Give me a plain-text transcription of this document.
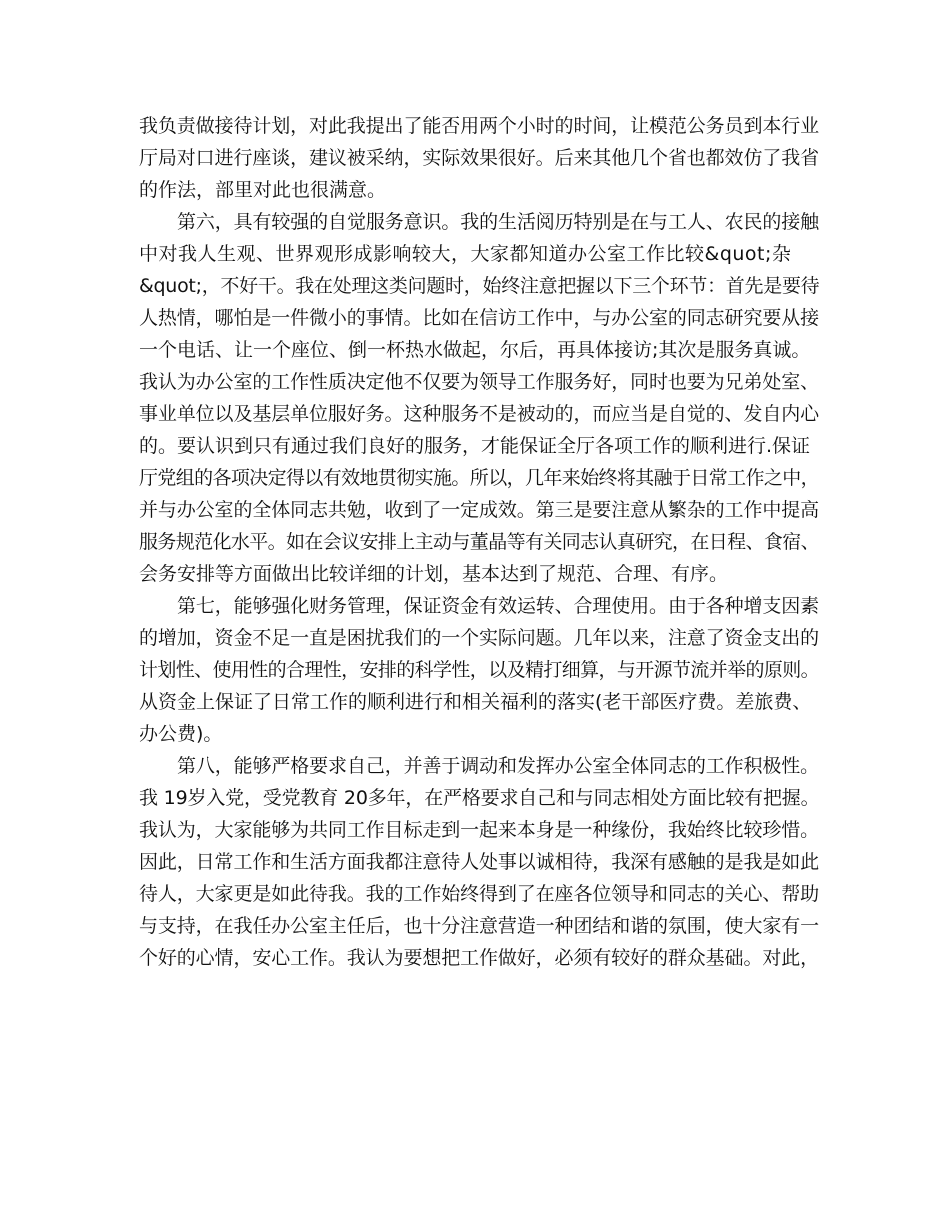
我负责做接待计划，对此我提出了能否用两个小时的时间，让模范公务员到本行业
厅局对口进行座谈，建议被采纳，实际效果很好。后来其他几个省也都效仿了我省
的作法，部里对此也很满意。
第六，具有较强的自觉服务意识。我的生活阅历特别是在与工人、农民的接触
中对我人生观、世界观形成影响较大，大家都知道办公室工作比较&quot;杂
&quot;，不好干。我在处理这类问题时，始终注意把握以下三个环节：首先是要待
人热情，哪怕是一件微小的事情。比如在信访工作中，与办公室的同志研究要从接
一个电话、让一个座位、倒一杯热水做起，尔后，再具体接访;其次是服务真诚。
我认为办公室的工作性质决定他不仅要为领导工作服务好，同时也要为兄弟处室、
事业单位以及基层单位服好务。这种服务不是被动的，而应当是自觉的、发自内心
的。要认识到只有通过我们良好的服务，才能保证全厅各项工作的顺利进行.保证
厅党组的各项决定得以有效地贯彻实施。所以，几年来始终将其融于日常工作之中，
并与办公室的全体同志共勉，收到了一定成效。第三是要注意从繁杂的工作中提高
服务规范化水平。如在会议安排上主动与董晶等有关同志认真研究，在日程、食宿、
会务安排等方面做出比较详细的计划，基本达到了规范、合理、有序。
第七，能够强化财务管理，保证资金有效运转、合理使用。由于各种增支因素
的增加，资金不足一直是困扰我们的一个实际问题。几年以来，注意了资金支出的
计划性、使用性的合理性，安排的科学性，以及精打细算，与开源节流并举的原则。
从资金上保证了日常工作的顺利进行和相关福利的落实(老干部医疗费。差旅费、
办公费)。
第八，能够严格要求自己，并善于调动和发挥办公室全体同志的工作积极性。
我 19岁入党，受党教育 20多年，在严格要求自己和与同志相处方面比较有把握。
我认为，大家能够为共同工作目标走到一起来本身是一种缘份，我始终比较珍惜。
因此，日常工作和生活方面我都注意待人处事以诚相待，我深有感触的是我是如此
待人，大家更是如此待我。我的工作始终得到了在座各位领导和同志的关心、帮助
与支持，在我任办公室主任后，也十分注意营造一种团结和谐的氛围，使大家有一
个好的心情，安心工作。我认为要想把工作做好，必须有较好的群众基础。对此，
